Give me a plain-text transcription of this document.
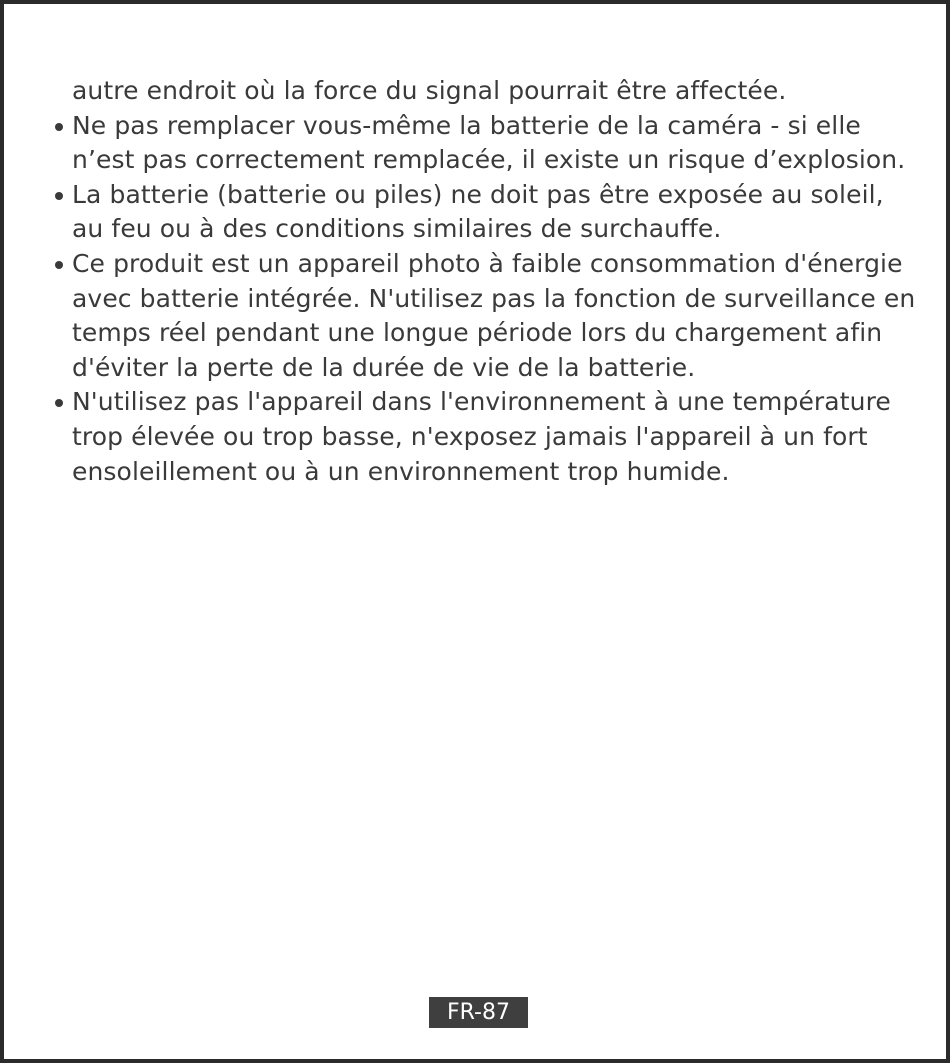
autre endroit où la force du signal pourrait être affectée.

Ne pas remplacer vous-même la batterie de la caméra - si elle n’est pas correctement remplacée, il existe un risque d’explosion.
La batterie (batterie ou piles) ne doit pas être exposée au soleil, au feu ou à des conditions similaires de surchauffe.
Ce produit est un appareil photo à faible consommation d'énergie avec batterie intégrée. N'utilisez pas la fonction de surveillance en temps réel pendant une longue période lors du chargement afin d'éviter la perte de la durée de vie de la batterie.
N'utilisez pas l'appareil dans l'environnement à une température trop élevée ou trop basse, n'exposez jamais l'appareil à un fort ensoleillement ou à un environnement trop humide.
FR-87
